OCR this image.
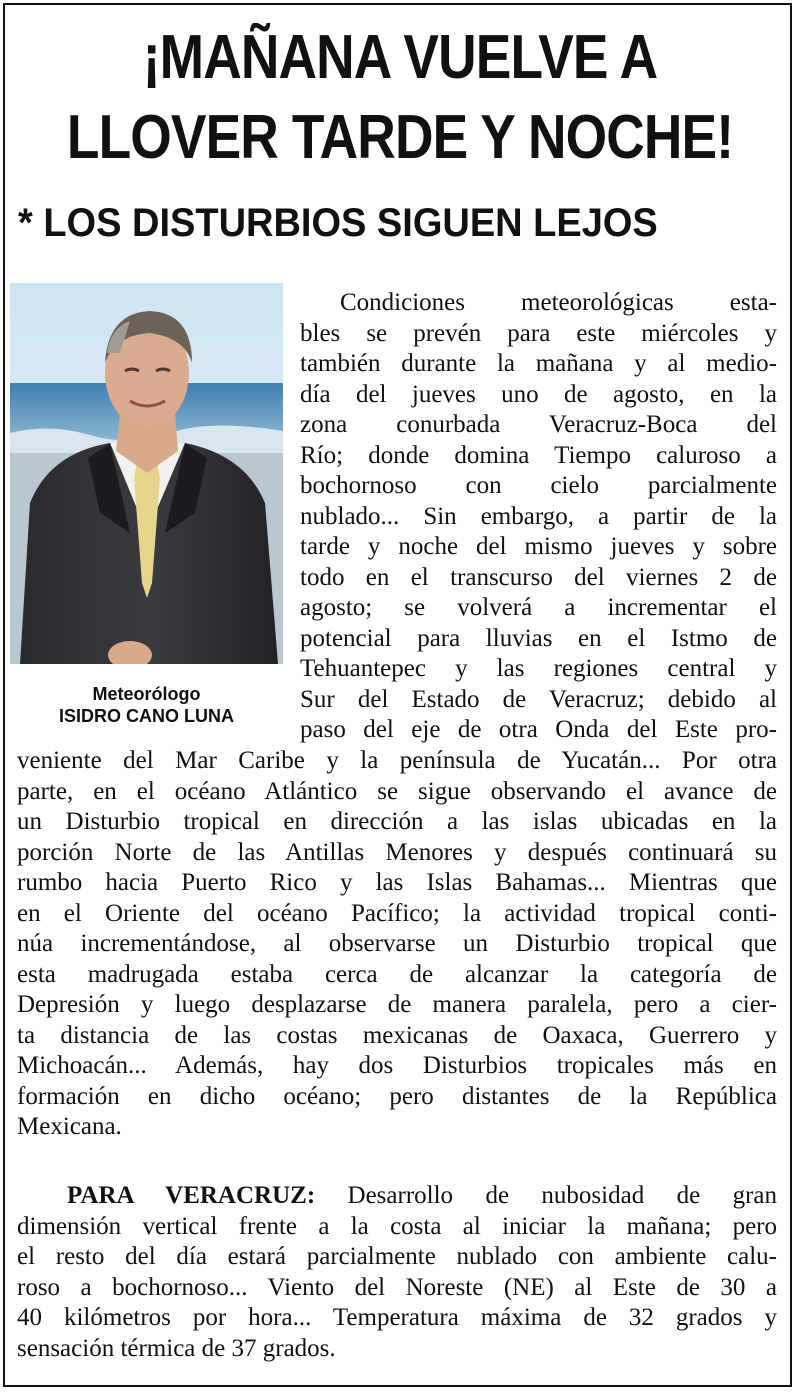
¡MAÑANA VUELVE A LLOVER TARDE Y NOCHE!
* LOS DISTURBIOS SIGUEN LEJOS
Meteorólogo
ISIDRO CANO LUNA
Condiciones meteorológicas esta-
bles se prevén para este miércoles y
también durante la mañana y al medio-
día del jueves uno de agosto, en la
zona conurbada Veracruz-Boca del
Río; donde domina Tiempo caluroso a
bochornoso con cielo parcialmente
nublado... Sin embargo, a partir de la
tarde y noche del mismo jueves y sobre
todo en el transcurso del viernes 2 de
agosto; se volverá a incrementar el
potencial para lluvias en el Istmo de
Tehuantepec y las regiones central y
Sur del Estado de Veracruz; debido al
paso del eje de otra Onda del Este pro-
veniente del Mar Caribe y la península de Yucatán... Por otra
parte, en el océano Atlántico se sigue observando el avance de
un Disturbio tropical en dirección a las islas ubicadas en la
porción Norte de las Antillas Menores y después continuará su
rumbo hacia Puerto Rico y las Islas Bahamas... Mientras que
en el Oriente del océano Pacífico; la actividad tropical conti-
núa incrementándose, al observarse un Disturbio tropical que
esta madrugada estaba cerca de alcanzar la categoría de
Depresión y luego desplazarse de manera paralela, pero a cier-
ta distancia de las costas mexicanas de Oaxaca, Guerrero y
Michoacán... Además, hay dos Disturbios tropicales más en
formación en dicho océano; pero distantes de la República
Mexicana.
PARA VERACRUZ: Desarrollo de nubosidad de gran
dimensión vertical frente a la costa al iniciar la mañana; pero
el resto del día estará parcialmente nublado con ambiente calu-
roso a bochornoso... Viento del Noreste (NE) al Este de 30 a
40 kilómetros por hora... Temperatura máxima de 32 grados y
sensación térmica de 37 grados.
